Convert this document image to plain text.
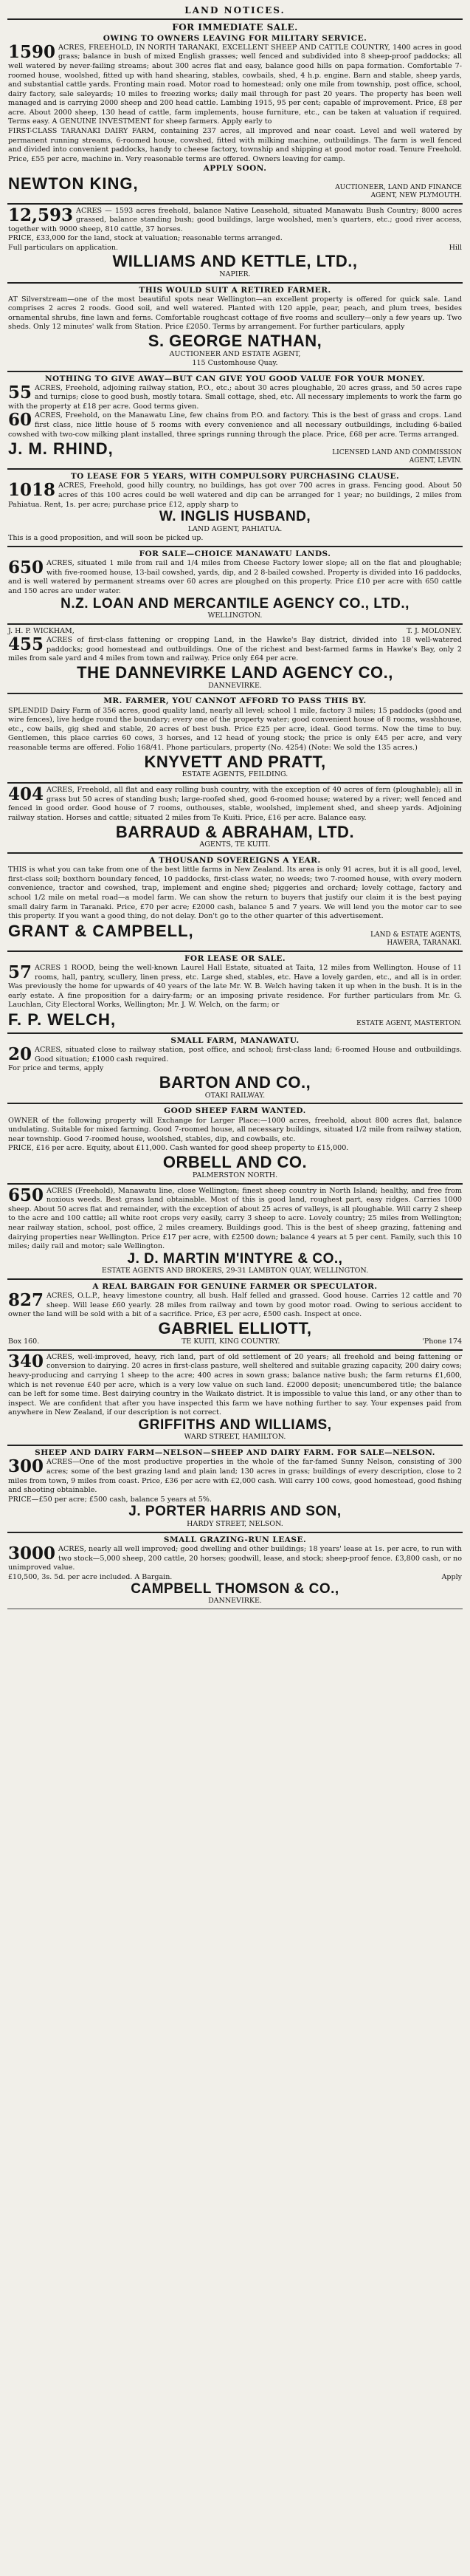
LAND NOTICES.
FOR IMMEDIATE SALE.
OWING TO OWNERS LEAVING FOR MILITARY SERVICE.
1590 ACRES, FREEHOLD, IN NORTH TARANAKI, EXCELLENT SHEEP AND CATTLE COUNTRY, 1400 acres in good grass; balance in bush of mixed English grasses; well fenced and subdivided into 8 sheep-proof paddocks; all well watered by never-failing streams; about 300 acres flat and easy, balance good hills on papa formation. Comfortable 7-roomed house, woolshed, fitted up with hand shearing, stables, cowbails, shed, 4 h.p. engine. Barn and stable, sheep yards, and substantial cattle yards. Fronting main road. Motor road to homestead; only one mile from township, post office, school, dairy factory, sale saleyards; 10 miles to freezing works; daily mail through for past 20 years. The property has been well managed and is carrying 2000 sheep and 200 head cattle. Lambing 1915, 95 per cent; capable of improvement. Price, £8 per acre. About 2000 sheep, 130 head of cattle, farm implements, house furniture, etc., can be taken at valuation if required. Terms easy. A GENUINE INVESTMENT for sheep farmers. Apply early to
FIRST-CLASS TARANAKI DAIRY FARM, containing 237 acres, all improved and near coast. Level and well watered by permanent running streams, 6-roomed house, cowshed, fitted with milking machine, outbuildings. The farm is well fenced and divided into convenient paddocks, handy to cheese factory, township and shipping at good motor road. Tenure Freehold. Price, £55 per acre, machine in. Very reasonable terms are offered. Owners leaving for camp.
APPLY SOON.
NEWTON KING,	AUCTIONEER, LAND AND FINANCE
AGENT, NEW PLYMOUTH.
12,593 ACRES — 1593 acres freehold, balance Native Leasehold, situated Manawatu Bush Country; 8000 acres grassed, balance standing bush; good buildings, large woolshed, men's quarters, etc.; good river access, together with 9000 sheep, 810 cattle, 37 horses.
PRICE, £33,000 for the land, stock at valuation; reasonable terms arranged.
Full particulars on application.	Hill
WILLIAMS AND KETTLE, LTD.,
NAPIER.
THIS WOULD SUIT A RETIRED FARMER.
AT Silverstream—one of the most beautiful spots near Wellington—an excellent property is offered for quick sale. Land comprises 2 acres 2 roods. Good soil, and well watered. Planted with 120 apple, pear, peach, and plum trees, besides ornamental shrubs, fine lawn and ferns. Comfortable roughcast cottage of five rooms and scullery—only a few years up. Two sheds. Only 12 minutes' walk from Station. Price £2050. Terms by arrangement. For further particulars, apply
S. GEORGE NATHAN,
AUCTIONEER AND ESTATE AGENT,
115 Customhouse Quay.
NOTHING TO GIVE AWAY—BUT CAN GIVE YOU GOOD VALUE FOR YOUR MONEY.
55 ACRES, Freehold, adjoining railway station, P.O., etc.; about 30 acres ploughable, 20 acres grass, and 50 acres rape and turnips; close to good bush, mostly totara. Small cottage, shed, etc. All necessary implements to work the farm go with the property at £18 per acre. Good terms given.
60 ACRES, Freehold, on the Manawatu Line, few chains from P.O. and factory. This is the best of grass and crops. Land first class, nice little house of 5 rooms with every convenience and all necessary outbuildings, including 6-bailed cowshed with two-cow milking plant installed, three springs running through the place. Price, £68 per acre. Terms arranged.
J. M. RHIND,	LICENSED LAND AND COMMISSION
AGENT, LEVIN.
TO LEASE FOR 5 YEARS, WITH COMPULSORY PURCHASING CLAUSE.
1018 ACRES, Freehold, good hilly country, no buildings, has got over 700 acres in grass. Fencing good. About 50 acres of this 100 acres could be well watered and dip can be arranged for 1 year; no buildings, 2 miles from Pahiatua. Rent, 1s. per acre; purchase price £12, apply sharp to
W. INGLIS HUSBAND,
LAND AGENT, PAHIATUA.
This is a good proposition, and will soon be picked up.
FOR SALE—CHOICE MANAWATU LANDS.
650 ACRES, situated 1 mile from rail and 1/4 miles from Cheese Factory lower slope; all on the flat and ploughable; with five-roomed house, 13-bail cowshed, yards, dip, and 2 8-bailed cowshed. Property is divided into 16 paddocks, and is well watered by permanent streams over 60 acres are ploughed on this property. Price £10 per acre with 650 cattle and 150 acres are under water.
N.Z. LOAN AND MERCANTILE AGENCY CO., LTD.,
WELLINGTON.
J. H. P. WICKHAM,	T. J. MOLONEY.
455 ACRES of first-class fattening or cropping Land, in the Hawke's Bay district, divided into 18 well-watered paddocks; good homestead and outbuildings. One of the richest and best-farmed farms in Hawke's Bay, only 2 miles from sale yard and 4 miles from town and railway. Price only £64 per acre.
THE DANNEVIRKE LAND AGENCY CO.,
DANNEVIRKE.
MR. FARMER, YOU CANNOT AFFORD TO PASS THIS BY.
SPLENDID Dairy Farm of 356 acres, good quality land, nearly all level; school 1 mile, factory 3 miles; 15 paddocks (good and wire fences), live hedge round the boundary; every one of the property water; good convenient house of 8 rooms, washhouse, etc., cow bails, gig shed and stable, 20 acres of best bush. Price £25 per acre, ideal. Good terms. Now the time to buy. Gentlemen, this place carries 60 cows, 3 horses, and 12 head of young stock; the price is only £45 per acre, and very reasonable terms are offered. Folio 168/41. Phone particulars, property (No. 4254) (Note: We sold the 135 acres.)
KNYVETT AND PRATT,
ESTATE AGENTS, FEILDING.
404 ACRES, Freehold, all flat and easy rolling bush country, with the exception of 40 acres of fern (ploughable); all in grass but 50 acres of standing bush; large-roofed shed, good 6-roomed house; watered by a river; well fenced and fenced in good order. Good house of 7 rooms, outhouses, stable, woolshed, implement shed, and sheep yards. Adjoining railway station. Horses and cattle; situated 2 miles from Te Kuiti. Price, £16 per acre. Balance easy.
BARRAUD & ABRAHAM, LTD.
AGENTS, TE KUITI.
A THOUSAND SOVEREIGNS A YEAR.
THIS is what you can take from one of the best little farms in New Zealand. Its area is only 91 acres, but it is all good, level, first-class soil; boxthorn boundary fenced, 10 paddocks, first-class water, no weeds; two 7-roomed house, with every modern convenience, tractor and cowshed, trap, implement and engine shed; piggeries and orchard; lovely cottage, factory and school 1/2 mile on metal road—a model farm. We can show the return to buyers that justify our claim it is the best paying small dairy farm in Taranaki. Price, £70 per acre; £2000 cash, balance 5 and 7 years. We will lend you the motor car to see this property. If you want a good thing, do not delay. Don't go to the other quarter of this advertisement.
GRANT & CAMPBELL,	LAND & ESTATE AGENTS,
HAWERA, TARANAKI.
FOR LEASE OR SALE.
57 ACRES 1 ROOD, being the well-known Laurel Hall Estate, situated at Taita, 12 miles from Wellington. House of 11 rooms, hall, pantry, scullery, linen press, etc. Large shed, stables, etc. Have a lovely garden, etc., and all is in order. Was previously the home for upwards of 40 years of the late Mr. W. B. Welch having taken it up when in the bush. It is in the early estate. A fine proposition for a dairy-farm; or an imposing private residence. For further particulars from Mr. G. Lauchlan, City Electoral Works, Wellington; Mr. J. W. Welch, on the farm; or
F. P. WELCH,	ESTATE AGENT, MASTERTON.
SMALL FARM, MANAWATU.
20 ACRES, situated close to railway station, post office, and school; first-class land; 6-roomed House and outbuildings. Good situation; £1000 cash required.
For price and terms, apply
BARTON AND CO.,
OTAKI RAILWAY.
GOOD SHEEP FARM WANTED.
OWNER of the following property will Exchange for Larger Place:—1000 acres, freehold, about 800 acres flat, balance undulating. Suitable for mixed farming. Good 7-roomed house, all necessary buildings, situated 1/2 mile from railway station, near township. Good 7-roomed house, woolshed, stables, dip, and cowbails, etc.
PRICE, £16 per acre. Equity, about £11,000. Cash wanted for good sheep property to £15,000.
ORBELL AND CO.
PALMERSTON NORTH.
650 ACRES (Freehold), Manawatu line, close Wellington; finest sheep country in North Island; healthy, and free from noxious weeds. Best grass land obtainable. Most of this is good land, roughest part, easy ridges. Carries 1000 sheep. About 50 acres flat and remainder, with the exception of about 25 acres of valleys, is all ploughable. Will carry 2 sheep to the acre and 100 cattle; all white root crops very easily, carry 3 sheep to acre. Lovely country; 25 miles from Wellington; near railway station, school, post office, 2 miles creamery. Buildings good. This is the best of sheep grazing, fattening and dairying properties near Wellington. Price £17 per acre, with £2500 down; balance 4 years at 5 per cent. Family, such this 10 miles; daily rail and motor; sale Wellington.
J. D. MARTIN M'INTYRE & CO.,
ESTATE AGENTS AND BROKERS, 29-31 LAMBTON QUAY, WELLINGTON.
A REAL BARGAIN FOR GENUINE FARMER OR SPECULATOR.
827 ACRES, O.L.P., heavy limestone country, all bush. Half felled and grassed. Good house. Carries 12 cattle and 70 sheep. Will lease £60 yearly. 28 miles from railway and town by good motor road. Owing to serious accident to owner the land will be sold with a bit of a sacrifice. Price, £3 per acre, £500 cash. Inspect at once.
GABRIEL ELLIOTT,
Box 160.	TE KUITI, KING COUNTRY.	'Phone 174
340 ACRES, well-improved, heavy, rich land, part of old settlement of 20 years; all freehold and being fattening or conversion to dairying. 20 acres in first-class pasture, well sheltered and suitable grazing capacity, 200 dairy cows; heavy-producing and carrying 1 sheep to the acre; 400 acres in sown grass; balance native bush; the farm returns £1,600, which is net revenue £40 per acre, which is a very low value on such land. £2000 deposit; unencumbered title; the balance can be left for some time. Best dairying country in the Waikato district. It is impossible to value this land, or any other than to inspect. We are confident that after you have inspected this farm we have nothing further to say. Your expenses paid from anywhere in New Zealand, if our description is not correct.
GRIFFITHS AND WILLIAMS,
WARD STREET, HAMILTON.
SHEEP AND DAIRY FARM—NELSON—SHEEP AND DAIRY FARM. FOR SALE—NELSON.
300 ACRES—One of the most productive properties in the whole of the far-famed Sunny Nelson, consisting of 300 acres; some of the best grazing land and plain land; 130 acres in grass; buildings of every description, close to 2 miles from town, 9 miles from coast. Price, £36 per acre with £2,000 cash. Will carry 100 cows, good homestead, good fishing and shooting obtainable.
PRICE—£50 per acre; £500 cash, balance 5 years at 5%.
J. PORTER HARRIS AND SON,
HARDY STREET, NELSON.
SMALL GRAZING-RUN LEASE.
3000 ACRES, nearly all well improved; good dwelling and other buildings; 18 years' lease at 1s. per acre, to run with two stock—5,000 sheep, 200 cattle, 20 horses; goodwill, lease, and stock; sheep-proof fence. £3,800 cash, or no unimproved value.
£10,500, 3s. 5d. per acre included. A Bargain.	Apply
CAMPBELL THOMSON & CO.,
DANNEVIRKE.
